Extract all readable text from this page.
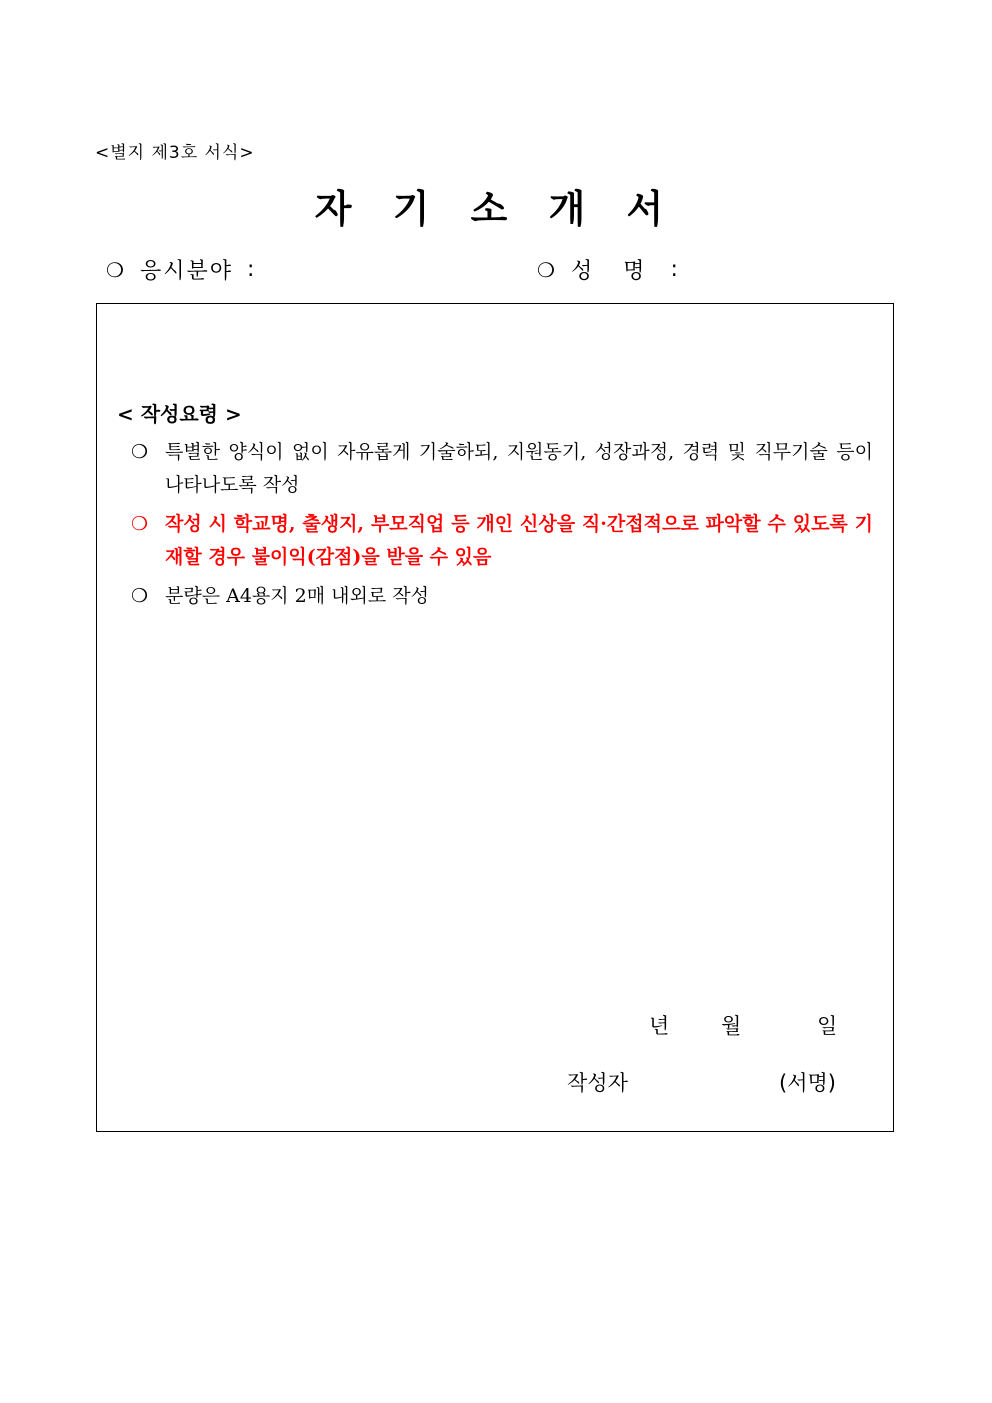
<별지 제3호 서식>
자 기 소 개 서
❍ 응시분야 :	❍ 성 명 :
< 작성요령 >
❍ 특별한 양식이 없이 자유롭게 기술하되, 지원동기, 성장과정, 경력 및 직무기술 등이 나타나도록 작성
❍ 작성 시 학교명, 출생지, 부모직업 등 개인 신상을 직·간접적으로 파악할 수 있도록 기재할 경우 불이익(감점)을 받을 수 있음
❍ 분량은 A4용지 2매 내외로 작성
년 월	일
작성자	(서명)
